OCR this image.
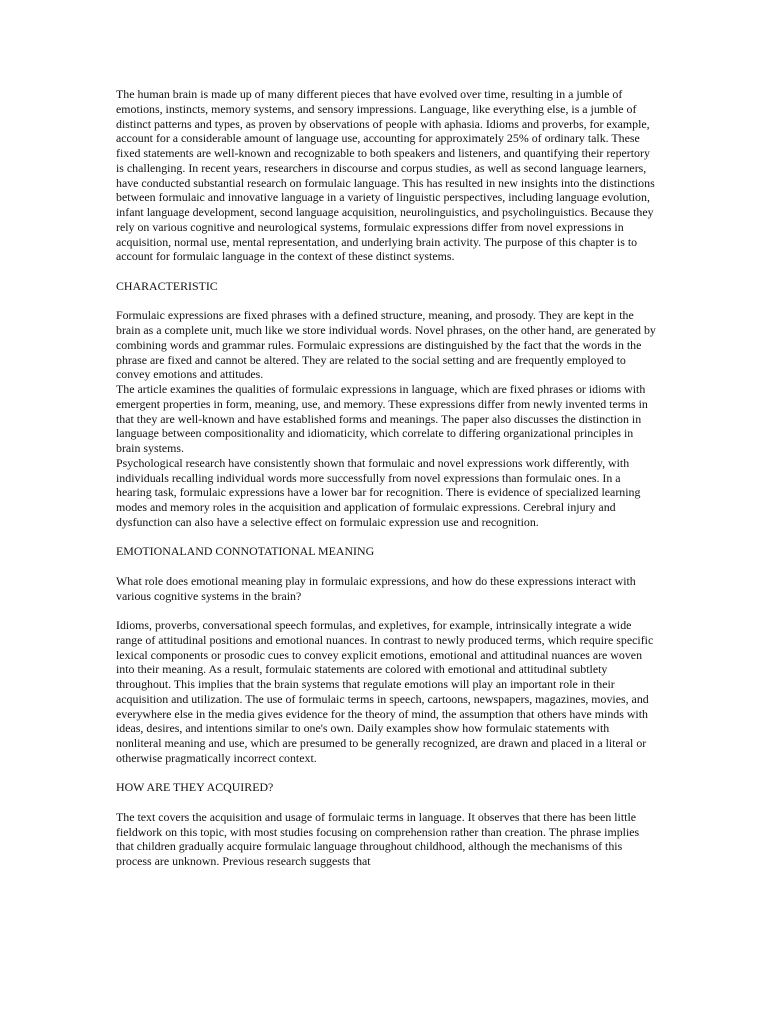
The human brain is made up of many different pieces that have evolved over time, resulting in a jumble of emotions, instincts, memory systems, and sensory impressions. Language, like everything else, is a jumble of distinct patterns and types, as proven by observations of people with aphasia. Idioms and proverbs, for example, account for a considerable amount of language use, accounting for approximately 25% of ordinary talk. These fixed statements are well-known and recognizable to both speakers and listeners, and quantifying their repertory is challenging. In recent years, researchers in discourse and corpus studies, as well as second language learners, have conducted substantial research on formulaic language. This has resulted in new insights into the distinctions between formulaic and innovative language in a variety of linguistic perspectives, including language evolution, infant language development, second language acquisition, neurolinguistics, and psycholinguistics. Because they rely on various cognitive and neurological systems, formulaic expressions differ from novel expressions in acquisition, normal use, mental representation, and underlying brain activity. The purpose of this chapter is to account for formulaic language in the context of these distinct systems.

CHARACTERISTIC

Formulaic expressions are fixed phrases with a defined structure, meaning, and prosody. They are kept in the brain as a complete unit, much like we store individual words. Novel phrases, on the other hand, are generated by combining words and grammar rules. Formulaic expressions are distinguished by the fact that the words in the phrase are fixed and cannot be altered. They are related to the social setting and are frequently employed to convey emotions and attitudes.

The article examines the qualities of formulaic expressions in language, which are fixed phrases or idioms with emergent properties in form, meaning, use, and memory. These expressions differ from newly invented terms in that they are well-known and have established forms and meanings. The paper also discusses the distinction in language between compositionality and idiomaticity, which correlate to differing organizational principles in brain systems.

Psychological research have consistently shown that formulaic and novel expressions work differently, with individuals recalling individual words more successfully from novel expressions than formulaic ones. In a hearing task, formulaic expressions have a lower bar for recognition. There is evidence of specialized learning modes and memory roles in the acquisition and application of formulaic expressions. Cerebral injury and dysfunction can also have a selective effect on formulaic expression use and recognition.

EMOTIONALAND CONNOTATIONAL MEANING

What role does emotional meaning play in formulaic expressions, and how do these expressions interact with various cognitive systems in the brain?

Idioms, proverbs, conversational speech formulas, and expletives, for example, intrinsically integrate a wide range of attitudinal positions and emotional nuances. In contrast to newly produced terms, which require specific lexical components or prosodic cues to convey explicit emotions, emotional and attitudinal nuances are woven into their meaning. As a result, formulaic statements are colored with emotional and attitudinal subtlety throughout. This implies that the brain systems that regulate emotions will play an important role in their acquisition and utilization. The use of formulaic terms in speech, cartoons, newspapers, magazines, movies, and everywhere else in the media gives evidence for the theory of mind, the assumption that others have minds with ideas, desires, and intentions similar to one's own. Daily examples show how formulaic statements with nonliteral meaning and use, which are presumed to be generally recognized, are drawn and placed in a literal or otherwise pragmatically incorrect context.

HOW ARE THEY ACQUIRED?

The text covers the acquisition and usage of formulaic terms in language. It observes that there has been little fieldwork on this topic, with most studies focusing on comprehension rather than creation. The phrase implies that children gradually acquire formulaic language throughout childhood, although the mechanisms of this process are unknown. Previous research suggests that
